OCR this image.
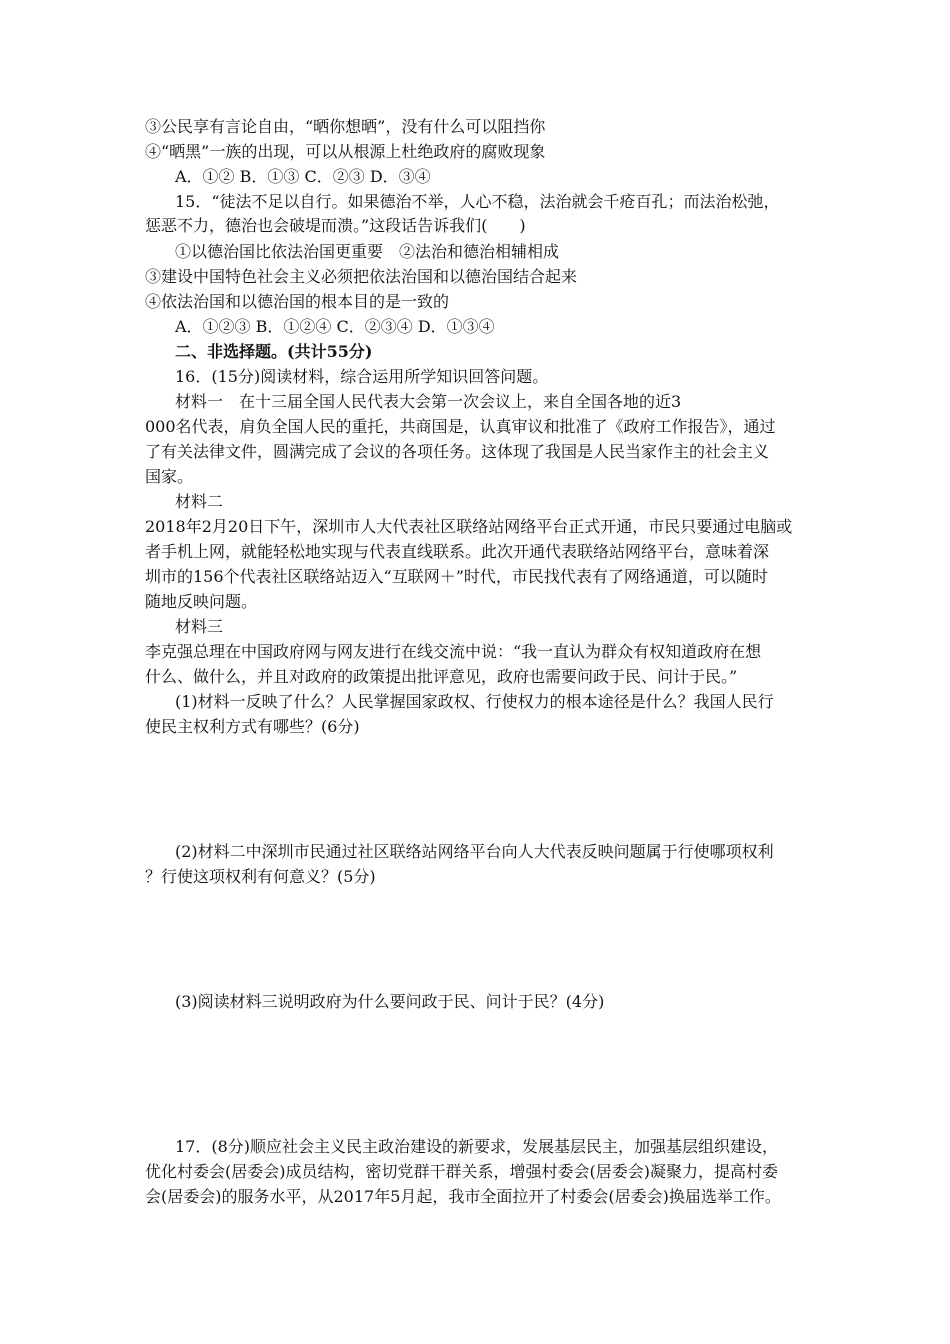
③公民享有言论自由，“晒你想晒”，没有什么可以阻挡你
④“晒黑”一族的出现，可以从根源上杜绝政府的腐败现象
A．①② B．①③ C．②③ D．③④
15．“徒法不足以自行。如果德治不举，人心不稳，法治就会千疮百孔；而法治松弛，
惩恶不力，德治也会破堤而溃。”这段话告诉我们(　　)
①以德治国比依法治国更重要　②法治和德治相辅相成
③建设中国特色社会主义必须把依法治国和以德治国结合起来
④依法治国和以德治国的根本目的是一致的
A．①②③ B．①②④ C．②③④ D．①③④
二、非选择题。(共计55分)
16．(15分)阅读材料，综合运用所学知识回答问题。
材料一　在十三届全国人民代表大会第一次会议上，来自全国各地的近3
000名代表，肩负全国人民的重托，共商国是，认真审议和批准了《政府工作报告》，通过
了有关法律文件，圆满完成了会议的各项任务。这体现了我国是人民当家作主的社会主义
国家。
材料二
2018年2月20日下午，深圳市人大代表社区联络站网络平台正式开通，市民只要通过电脑或
者手机上网，就能轻松地实现与代表直线联系。此次开通代表联络站网络平台，意味着深
圳市的156个代表社区联络站迈入“互联网＋”时代，市民找代表有了网络通道，可以随时
随地反映问题。
材料三
李克强总理在中国政府网与网友进行在线交流中说：“我一直认为群众有权知道政府在想
什么、做什么，并且对政府的政策提出批评意见，政府也需要问政于民、问计于民。”
(1)材料一反映了什么？人民掌握国家政权、行使权力的根本途径是什么？我国人民行
使民主权利方式有哪些？(6分)
(2)材料二中深圳市民通过社区联络站网络平台向人大代表反映问题属于行使哪项权利
？行使这项权利有何意义？(5分)
(3)阅读材料三说明政府为什么要问政于民、问计于民？(4分)
17．(8分)顺应社会主义民主政治建设的新要求，发展基层民主，加强基层组织建设，
优化村委会(居委会)成员结构，密切党群干群关系，增强村委会(居委会)凝聚力，提高村委
会(居委会)的服务水平，从2017年5月起，我市全面拉开了村委会(居委会)换届选举工作。
